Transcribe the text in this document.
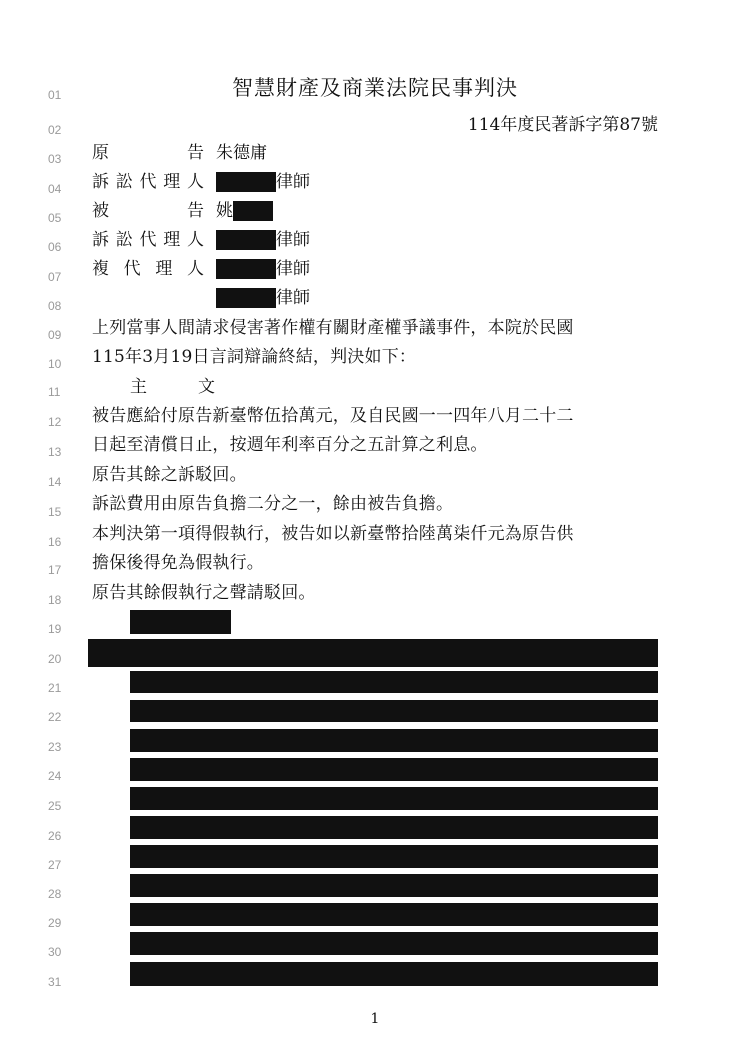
01
02
03
04
05
06
07
08
09
10
11
12
13
14
15
16
17
18
19
20
21
22
23
24
25
26
27
28
29
30
31
智慧財產及商業法院民事判決
114年度民著訴字第87號
原　　告 朱德庸
訴訟代理人	律師
被　　告 姚
訴訟代理人	律師
複 代 理 人	律師
律師
上列當事人間請求侵害著作權有關財產權爭議事件，本院於民國
115年3月19日言詞辯論終結，判決如下：
主　　　文
被告應給付原告新臺幣伍拾萬元，及自民國一一四年八月二十二
日起至清償日止，按週年利率百分之五計算之利息。
原告其餘之訴駁回。
訴訟費用由原告負擔二分之一，餘由被告負擔。
本判決第一項得假執行，被告如以新臺幣拾陸萬柒仟元為原告供
擔保後得免為假執行。
原告其餘假執行之聲請駁回。
1
